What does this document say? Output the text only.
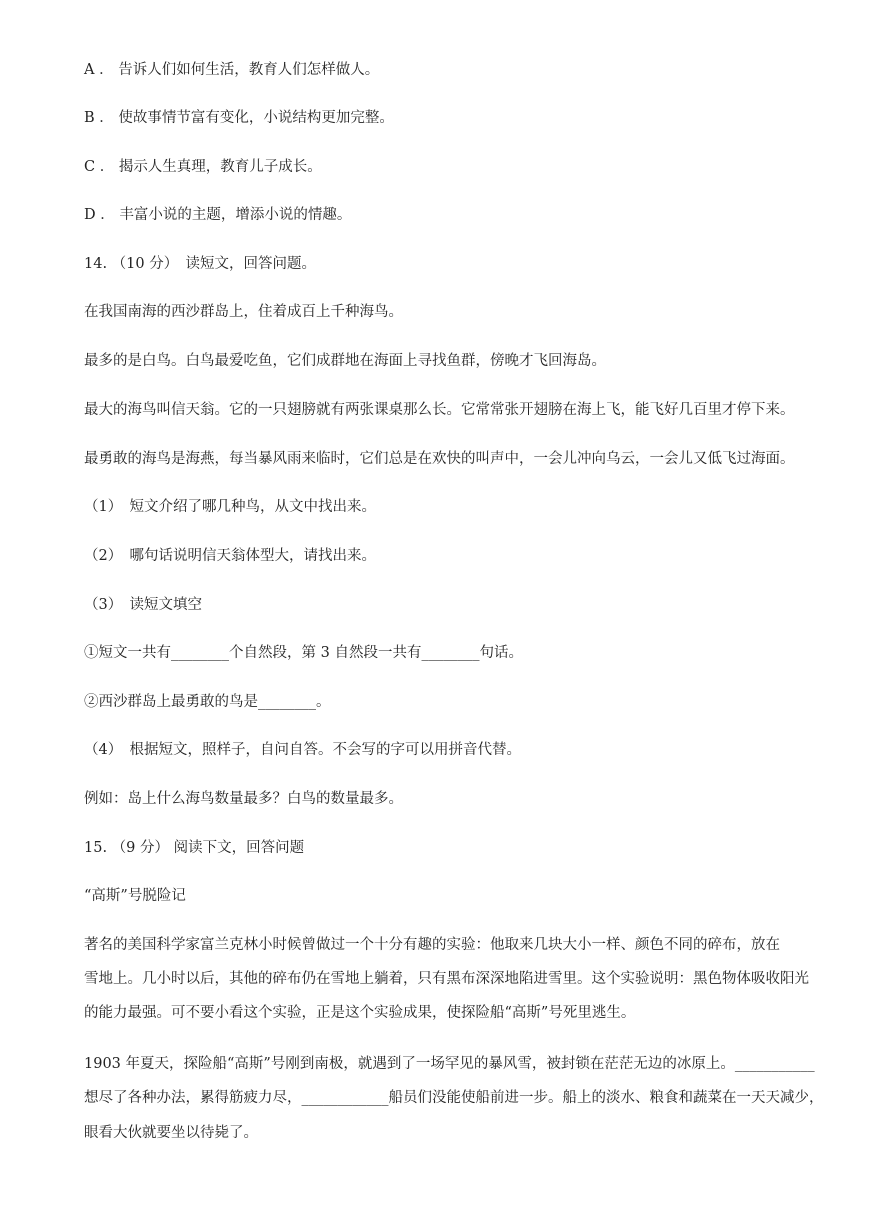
A ． 告诉人们如何生活，教育人们怎样做人。
B ． 使故事情节富有变化，小说结构更加完整。
C ． 揭示人生真理，教育儿子成长。
D ． 丰富小说的主题，增添小说的情趣。
14. （10 分）　读短文，回答问题。
在我国南海的西沙群岛上，住着成百上千种海鸟。
最多的是白鸟。白鸟最爱吃鱼，它们成群地在海面上寻找鱼群，傍晚才飞回海岛。
最大的海鸟叫信天翁。它的一只翅膀就有两张课桌那么长。它常常张开翅膀在海上飞，能飞好几百里才停下来。
最勇敢的海鸟是海燕，每当暴风雨来临时，它们总是在欢快的叫声中，一会儿冲向乌云，一会儿又低飞过海面。
（1）　短文介绍了哪几种鸟，从文中找出来。
（2）　哪句话说明信天翁体型大，请找出来。
（3）　读短文填空
①短文一共有________个自然段，第 3 自然段一共有________句话。
②西沙群岛上最勇敢的鸟是________。
（4）　根据短文，照样子，自问自答。不会写的字可以用拼音代替。
例如：岛上什么海鸟数量最多？白鸟的数量最多。
15. （9 分） 阅读下文，回答问题
“高斯”号脱险记
著名的美国科学家富兰克林小时候曾做过一个十分有趣的实验：他取来几块大小一样、颜色不同的碎布，放在
雪地上。几小时以后，其他的碎布仍在雪地上躺着，只有黑布深深地陷进雪里。这个实验说明：黑色物体吸收阳光
的能力最强。可不要小看这个实验，正是这个实验成果，使探险船“高斯”号死里逃生。
1903 年夏天，探险船“高斯”号刚到南极，就遇到了一场罕见的暴风雪，被封锁在茫茫无边的冰原上。___________
想尽了各种办法，累得筋疲力尽，____________船员们没能使船前进一步。船上的淡水、粮食和蔬菜在一天天减少，
眼看大伙就要坐以待毙了。
